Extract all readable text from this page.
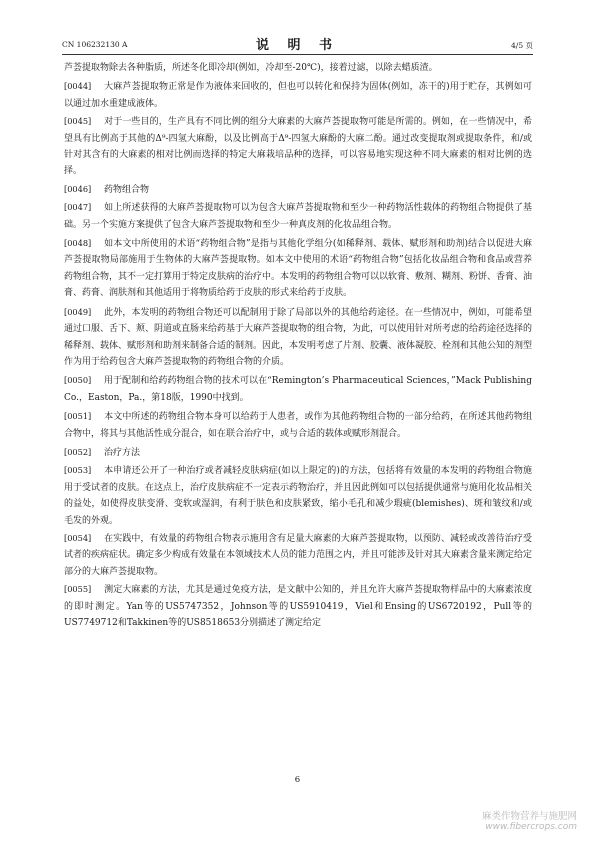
CN 106232130 A	说 明 书	4/5 页

芦荟提取物除去各种脂质，所述冬化即冷却(例如，冷却至-20℃)，接着过滤，以除去蜡质渣。

[0044] 大麻芦荟提取物正常是作为液体来回收的，但也可以转化和保持为固体(例如，冻干的)用于贮存，其例如可以通过加水重建成液体。

[0045] 对于一些目的，生产具有不同比例的组分大麻素的大麻芦荟提取物可能是所需的。例如，在一些情况中，希望具有比例高于其他的Δ⁹-四氢大麻酚，以及比例高于Δ⁹-四氢大麻酚的大麻二酚。通过改变提取剂或提取条件，和/或针对其含有的大麻素的相对比例而选择的特定大麻栽培品种的选择，可以容易地实现这种不同大麻素的相对比例的选择。

[0046] 药物组合物

[0047] 如上所述获得的大麻芦荟提取物可以为包含大麻芦荟提取物和至少一种药物活性载体的药物组合物提供了基础。另一个实施方案提供了包含大麻芦荟提取物和至少一种真皮剂的化妆品组合物。

[0048] 如本文中所使用的术语“药物组合物”是指与其他化学组分(如稀释剂、载体、赋形剂和助剂)结合以促进大麻芦荟提取物局部施用于生物体的大麻芦荟提取物。如本文中使用的术语“药物组合物”包括化妆品组合物和食品或营养药物组合物，其不一定打算用于特定皮肤病的治疗中。本发明的药物组合物可以以软膏、敷剂、糊剂、粉饼、香膏、油膏、药膏、润肤剂和其他适用于将物质给药于皮肤的形式来给药于皮肤。

[0049] 此外，本发明的药物组合物还可以配制用于除了局部以外的其他给药途径。在一些情况中，例如，可能希望通过口服、舌下、颊、阴道或直肠来给药基于大麻芦荟提取物的组合物，为此，可以使用针对所考虑的给药途径选择的稀释剂、载体、赋形剂和助剂来制备合适的制剂。因此，本发明考虑了片剂、胶囊、液体凝胶、栓剂和其他公知的剂型作为用于给药包含大麻芦荟提取物的药物组合物的介质。

[0050] 用于配制和给药药物组合物的技术可以在“Remington’s Pharmaceutical Sciences，”Mack Publishing Co.，Easton，Pa.，第18版，1990中找到。

[0051] 本文中所述的药物组合物本身可以给药于人患者，或作为其他药物组合物的一部分给药，在所述其他药物组合物中，将其与其他活性成分混合，如在联合治疗中，或与合适的载体或赋形剂混合。

[0052] 治疗方法

[0053] 本申请还公开了一种治疗或者减轻皮肤病症(如以上限定的)的方法，包括将有效量的本发明的药物组合物施用于受试者的皮肤。在这点上，治疗皮肤病症不一定表示药物治疗，并且因此例如可以包括提供通常与施用化妆品相关的益处，如使得皮肤变滑、变软或湿润，有利于肤色和皮肤紧致，缩小毛孔和减少瑕疵(blemishes)、斑和皱纹和/或毛发的外观。

[0054] 在实践中，有效量的药物组合物表示施用含有足量大麻素的大麻芦荟提取物，以预防、减轻或改善待治疗受试者的疾病症状。确定多少构成有效量在本领域技术人员的能力范围之内，并且可能涉及针对其大麻素含量来测定给定部分的大麻芦荟提取物。

[0055] 测定大麻素的方法，尤其是通过免疫方法，是文献中公知的，并且允许大麻芦荟提取物样品中的大麻素浓度的即时测定。Yan等的US5747352，Johnson等的US5910419，Viel和Ensing的US6720192，Pull等的US7749712和Takkinen等的US8518653分别描述了测定给定

6
麻类作物营养与施肥网
www.fibercrops.com
